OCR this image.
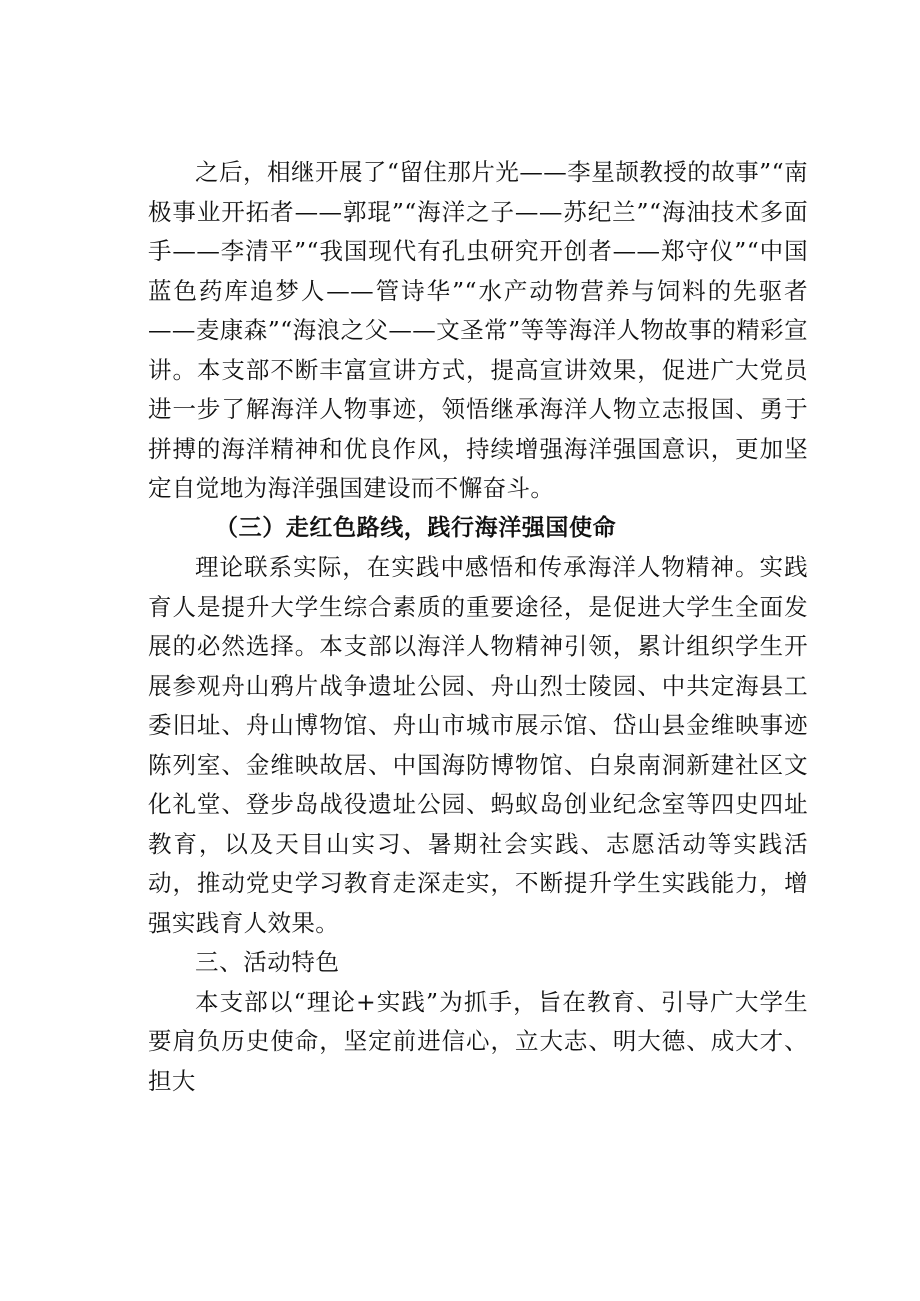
之后，相继开展了“留住那片光——李星颉教授的故事”“南极事业开拓者——郭琨”“海洋之子——苏纪兰”“海油技术多面手——李清平”“我国现代有孔虫研究开创者——郑守仪”“中国蓝色药库追梦人——管诗华”“水产动物营养与饲料的先驱者——麦康森”“海浪之父——文圣常”等等海洋人物故事的精彩宣讲。本支部不断丰富宣讲方式，提高宣讲效果，促进广大党员进一步了解海洋人物事迹，领悟继承海洋人物立志报国、勇于拼搏的海洋精神和优良作风，持续增强海洋强国意识，更加坚定自觉地为海洋强国建设而不懈奋斗。

（三）走红色路线，践行海洋强国使命

理论联系实际，在实践中感悟和传承海洋人物精神。实践育人是提升大学生综合素质的重要途径，是促进大学生全面发展的必然选择。本支部以海洋人物精神引领，累计组织学生开展参观舟山鸦片战争遗址公园、舟山烈士陵园、中共定海县工委旧址、舟山博物馆、舟山市城市展示馆、岱山县金维映事迹陈列室、金维映故居、中国海防博物馆、白泉南洞新建社区文化礼堂、登步岛战役遗址公园、蚂蚁岛创业纪念室等四史四址教育，以及天目山实习、暑期社会实践、志愿活动等实践活动，推动党史学习教育走深走实，不断提升学生实践能力，增强实践育人效果。

三、活动特色

本支部以“理论+实践”为抓手，旨在教育、引导广大学生要肩负历史使命，坚定前进信心，立大志、明大德、成大才、担大
